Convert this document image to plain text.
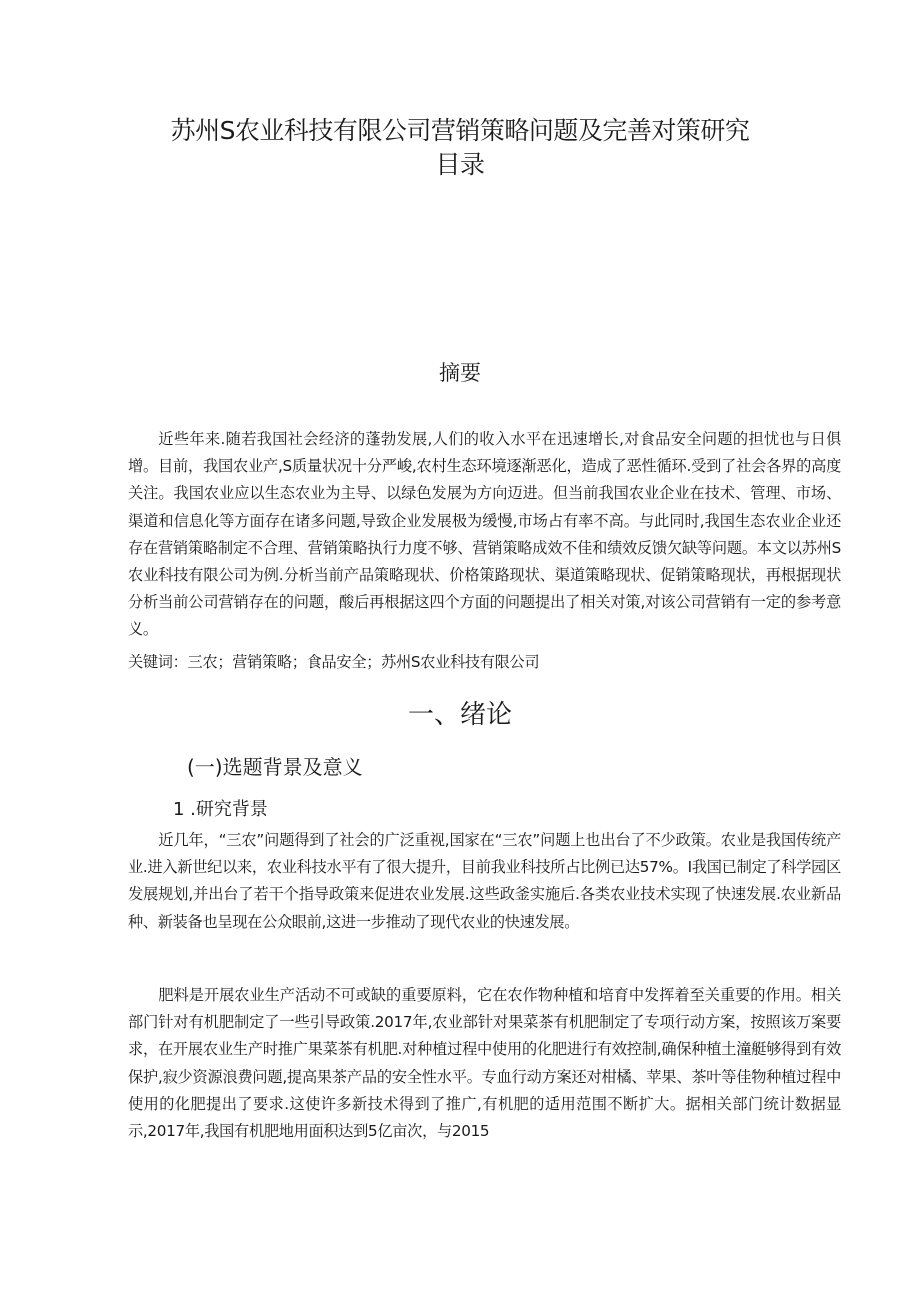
苏州S农业科技有限公司营销策略问题及完善对策研究
目录
摘要

近些年来.随若我国社会经济的蓬勃发展,人们的收入水平在迅速增长,对食品安全问题的担忧也与日俱增。目前，我国农业产,S质量状况十分严峻,农村生态环境逐渐恶化，造成了恶性循环.受到了社会各界的高度关注。我国农业应以生态农业为主导、以绿色发展为方向迈进。但当前我国农业企业在技术、管理、市场、渠道和信息化等方面存在诸多问题,导致企业发展极为缓慢,市场占有率不高。与此同时,我国生态农业企业还存在营销策略制定不合理、营销策略执行力度不够、营销策略成效不佳和绩效反馈欠缺等问题。本文以苏州S农业科技有限公司为例.分析当前产品策略现状、价格策路现状、渠道策略现状、促销策略现状，再根据现状分析当前公司营销存在的问题，酸后再根据这四个方面的问题提出了相关对策,对该公司营销有一定的参考意义。

关键词：三农；营销策略；食品安全；苏州S农业科技有限公司

一、绪论
(一)选题背景及意义
1 .研究背景

近几年，“三农”问题得到了社会的广泛重视,国家在“三农”问题上也出台了不少政策。农业是我国传统产业.进入新世纪以来，农业科技水平有了很大提升，目前我业科技所占比例已达57%。I我国已制定了科学园区发展规划,并出台了若干个指导政策来促进农业发展.这些政釜实施后.各类农业技术实现了快速发展.农业新品种、新装备也呈现在公众眼前,这进一步推动了现代农业的快速发展。

肥料是开展农业生产活动不可或缺的重要原料，它在农作物种植和培育中发挥着至关重要的作用。相关部门针对有机肥制定了一些引导政策.2017年,农业部针对果菜茶有机肥制定了专项行动方案，按照该万案要求，在开展农业生产时推广果菜茶有机肥.对种植过程中使用的化肥进行有效控制,确保种植土潼艇够得到有效保护,寂少资源浪费问题,提高果茶产品的安全性水平。专血行动方案还对柑橘、苹果、茶叶等佳物种植过程中使用的化肥提出了要求.这使许多新技术得到了推广,有机肥的适用范围不断扩大。据相关部门统计数据显示,2017年,我国有机肥地用面积达到5亿亩次，与2015
